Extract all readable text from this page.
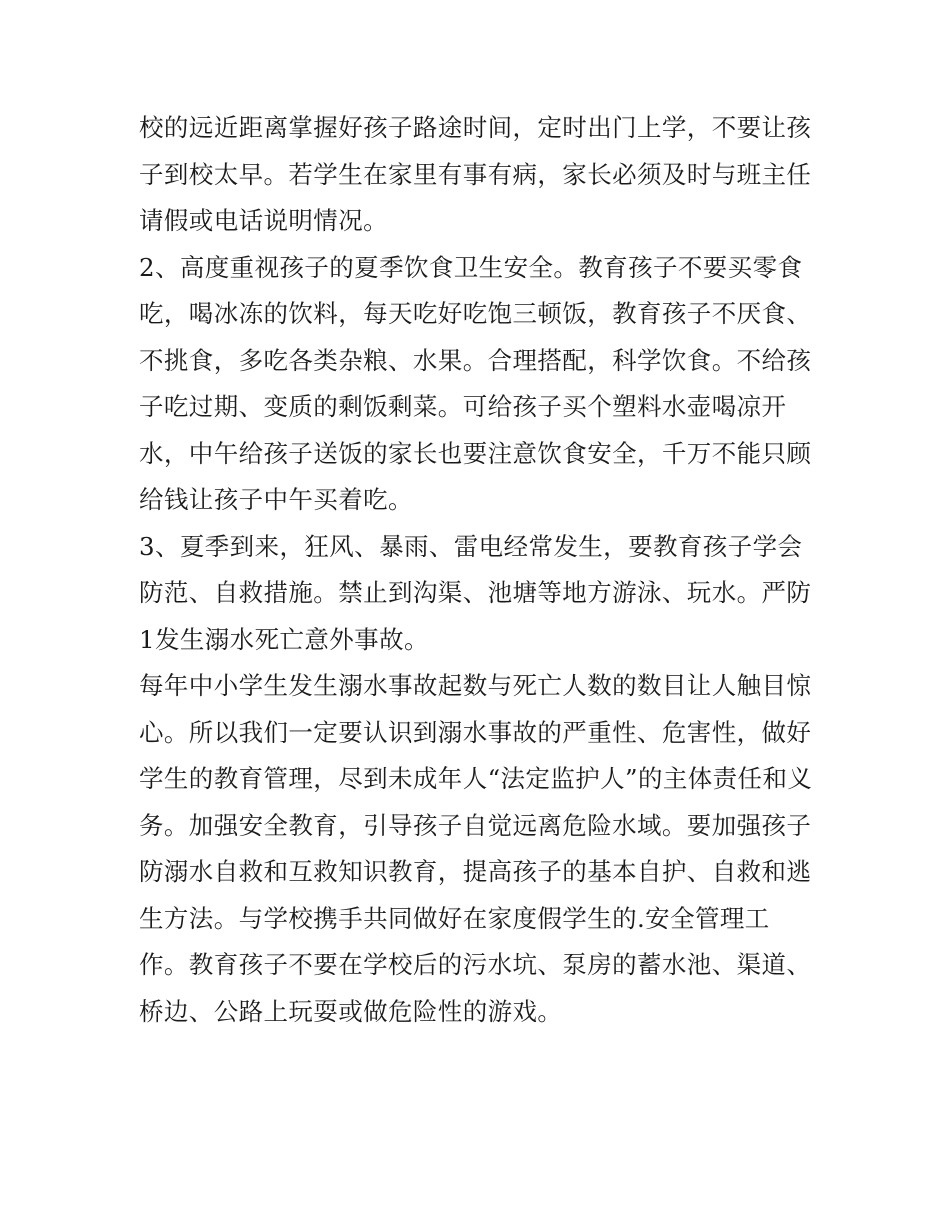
校的远近距离掌握好孩子路途时间，定时出门上学，不要让孩
子到校太早。若学生在家里有事有病，家长必须及时与班主任
请假或电话说明情况。
2、高度重视孩子的夏季饮食卫生安全。教育孩子不要买零食
吃，喝冰冻的饮料，每天吃好吃饱三顿饭，教育孩子不厌食、
不挑食，多吃各类杂粮、水果。合理搭配，科学饮食。不给孩
子吃过期、变质的剩饭剩菜。可给孩子买个塑料水壶喝凉开
水，中午给孩子送饭的家长也要注意饮食安全，千万不能只顾
给钱让孩子中午买着吃。
3、夏季到来，狂风、暴雨、雷电经常发生，要教育孩子学会
防范、自救措施。禁止到沟渠、池塘等地方游泳、玩水。严防
1发生溺水死亡意外事故。
每年中小学生发生溺水事故起数与死亡人数的数目让人触目惊
心。所以我们一定要认识到溺水事故的严重性、危害性，做好
学生的教育管理，尽到未成年人“法定监护人”的主体责任和义
务。加强安全教育，引导孩子自觉远离危险水域。要加强孩子
防溺水自救和互救知识教育，提高孩子的基本自护、自救和逃
生方法。与学校携手共同做好在家度假学生的.安全管理工
作。教育孩子不要在学校后的污水坑、泵房的蓄水池、渠道、
桥边、公路上玩耍或做危险性的游戏。
